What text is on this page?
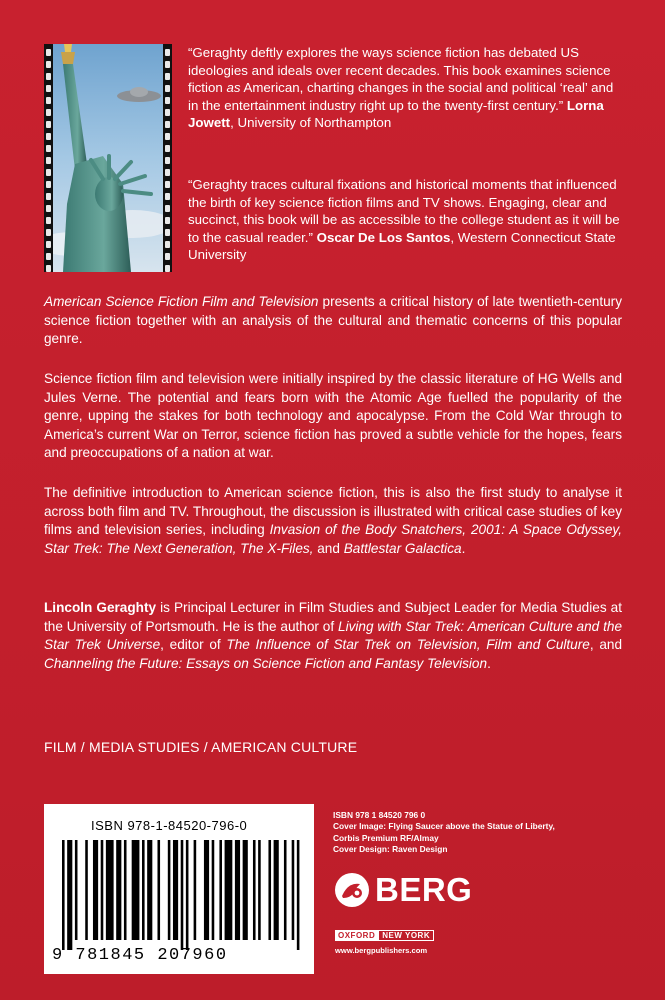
“Geraghty deftly explores the ways science fiction has debated US ideologies and ideals over recent decades. This book examines science fiction as American, charting changes in the social and political ‘real’ and in the entertainment industry right up to the twenty-first century.” Lorna Jowett, University of Northampton
“Geraghty traces cultural fixations and historical moments that influenced the birth of key science fiction films and TV shows. Engaging, clear and succinct, this book will be as accessible to the college student as it will be to the casual reader.” Oscar De Los Santos, Western Connecticut State University
American Science Fiction Film and Television presents a critical history of late twentieth-century science fiction together with an analysis of the cultural and thematic concerns of this popular genre.
Science fiction film and television were initially inspired by the classic literature of HG Wells and Jules Verne. The potential and fears born with the Atomic Age fuelled the popularity of the genre, upping the stakes for both technology and apocalypse. From the Cold War through to America’s current War on Terror, science fiction has proved a subtle vehicle for the hopes, fears and preoccupations of a nation at war.
The definitive introduction to American science fiction, this is also the first study to analyse it across both film and TV. Throughout, the discussion is illustrated with critical case studies of key films and television series, including Invasion of the Body Snatchers, 2001: A Space Odyssey, Star Trek: The Next Generation, The X-Files, and Battlestar Galactica.
Lincoln Geraghty is Principal Lecturer in Film Studies and Subject Leader for Media Studies at the University of Portsmouth. He is the author of Living with Star Trek: American Culture and the Star Trek Universe, editor of The Influence of Star Trek on Television, Film and Culture, and Channeling the Future: Essays on Science Fiction and Fantasy Television.
FILM / MEDIA STUDIES / AMERICAN CULTURE
ISBN 978-1-84520-796-0
9 781845 207960
ISBN 978 1 84520 796 0
Cover Image: Flying Saucer above the Statue of Liberty,
Corbis Premium RF/Almay
Cover Design: Raven Design
BERG
OXFORD NEW YORK
www.bergpublishers.com
